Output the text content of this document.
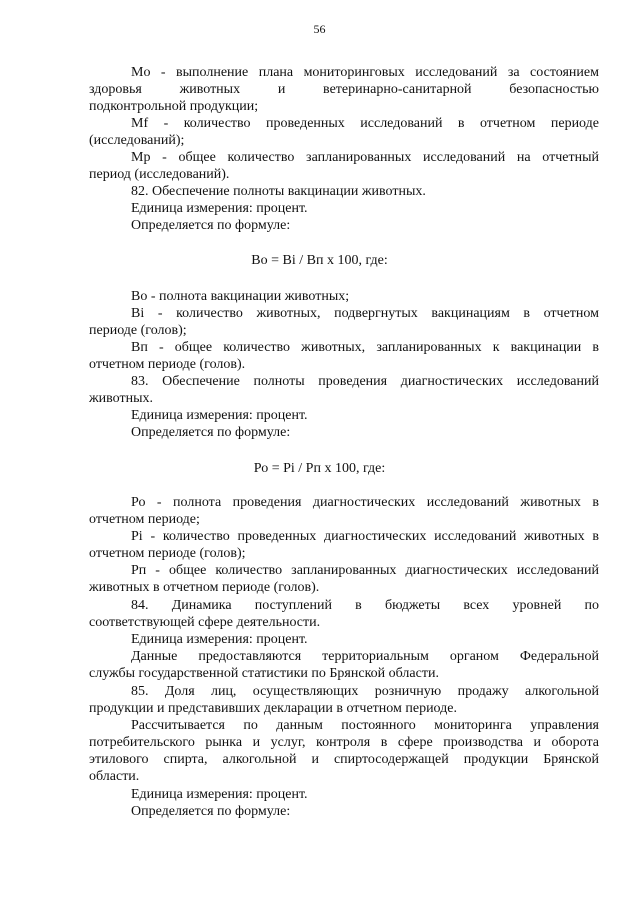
56
Mo - выполнение плана мониторинговых исследований за состоянием
здоровья животных и ветеринарно-санитарной безопасностью
подконтрольной продукции;
Mf - количество проведенных исследований в отчетном периоде
(исследований);
Mp - общее количество запланированных исследований на отчетный
период (исследований).
82. Обеспечение полноты вакцинации животных.
Единица измерения: процент.
Определяется по формуле:
Во = Bi / Вп x 100, где:
Во - полнота вакцинации животных;
Bi - количество животных, подвергнутых вакцинациям в отчетном
периоде (голов);
Вп - общее количество животных, запланированных к вакцинации в
отчетном периоде (голов).
83. Обеспечение полноты проведения диагностических исследований
животных.
Единица измерения: процент.
Определяется по формуле:
Ро = Pi / Рп x 100, где:
Ро - полнота проведения диагностических исследований животных в
отчетном периоде;
Pi - количество проведенных диагностических исследований животных в
отчетном периоде (голов);
Рп - общее количество запланированных диагностических исследований
животных в отчетном периоде (голов).
84. Динамика поступлений в бюджеты всех уровней по
соответствующей сфере деятельности.
Единица измерения: процент.
Данные предоставляются территориальным органом Федеральной
службы государственной статистики по Брянской области.
85. Доля лиц, осуществляющих розничную продажу алкогольной
продукции и представивших декларации в отчетном периоде.
Рассчитывается по данным постоянного мониторинга управления
потребительского рынка и услуг, контроля в сфере производства и оборота
этилового спирта, алкогольной и спиртосодержащей продукции Брянской
области.
Единица измерения: процент.
Определяется по формуле:
